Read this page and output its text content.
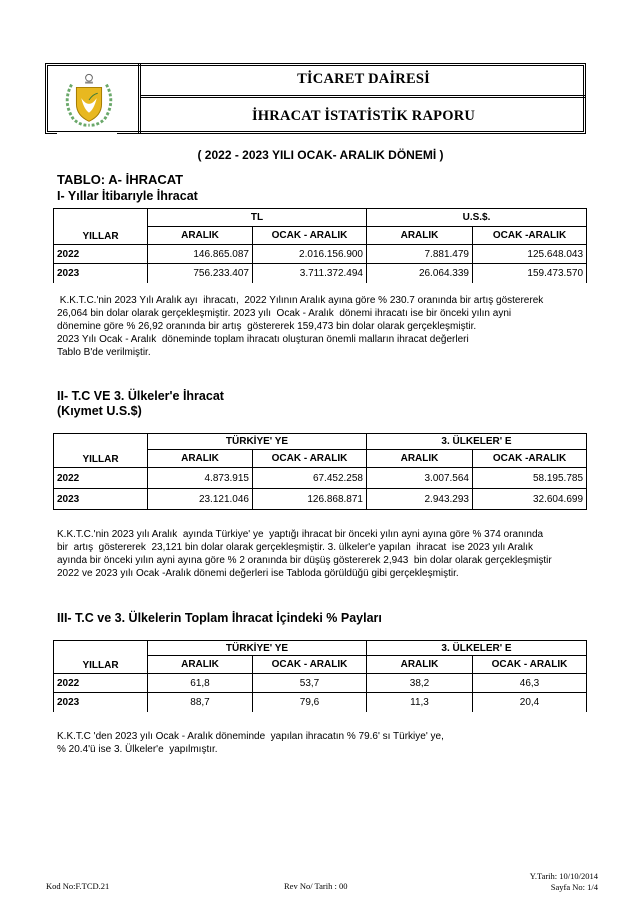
TİCARET DAİRESİ
İHRACAT İSTATİSTİK RAPORU
( 2022 - 2023 YILI OCAK- ARALIK DÖNEMİ )
TABLO: A- İHRACAT
I- Yıllar İtibarıyle İhracat
YILLAR	TL		U.S.$.	
	ARALIK	OCAK - ARALIK	ARALIK	OCAK -ARALIK
2022	146.865.087	2.016.156.900	7.881.479	125.648.043
2023	756.233.407	3.711.372.494	26.064.339	159.473.570
K.K.T.C.'nin 2023 Yılı Aralık ayı  ihracatı,  2022 Yılının Aralık ayına göre % 230.7 oranında bir artış göstererek
26,064 bin dolar olarak gerçekleşmiştir. 2023 yılı  Ocak - Aralık  dönemi ihracatı ise bir önceki yılın ayni
dönemine göre % 26,92 oranında bir artış  göstererek 159,473 bin dolar olarak gerçekleşmiştir.
2023 Yılı Ocak - Aralık  döneminde toplam ihracatı oluşturan önemli malların ihracat değerleri
Tablo B'de verilmiştir.
II- T.C VE 3. Ülkeler'e İhracat
(Kıymet U.S.$)
YILLAR	TÜRKİYE' YE		3. ÜLKELER' E	
	ARALIK	OCAK - ARALIK	ARALIK	OCAK -ARALIK
2022	4.873.915	67.452.258	3.007.564	58.195.785
2023	23.121.046	126.868.871	2.943.293	32.604.699
K.K.T.C.'nin 2023 yılı Aralık  ayında Türkiye' ye  yaptığı ihracat bir önceki yılın ayni ayına göre % 374 oranında
bir  artış  göstererek  23,121 bin dolar olarak gerçekleşmiştir. 3. ülkeler'e yapılan  ihracat  ise 2023 yılı Aralık
ayında bir önceki yılın ayni ayına göre % 2 oranında bir düşüş göstererek 2,943  bin dolar olarak gerçekleşmiştir
2022 ve 2023 yılı Ocak -Aralık dönemi değerleri ise Tabloda görüldüğü gibi gerçekleşmiştir.
III- T.C ve 3. Ülkelerin Toplam İhracat İçindeki % Payları
YILLAR	TÜRKİYE' YE		3. ÜLKELER' E	
	ARALIK	OCAK - ARALIK	ARALIK	OCAK - ARALIK
2022	61,8	53,7	38,2	46,3
2023	88,7	79,6	11,3	20,4
K.K.T.C 'den 2023 yılı Ocak - Aralık döneminde  yapılan ihracatın % 79.6' sı Türkiye' ye,
% 20.4'ü ise 3. Ülkeler'e  yapılmıştır.
Kod No:F.TCD.21	Rev No/ Tarih : 00
Y.Tarih: 10/10/2014
Sayfa No: 1/4
